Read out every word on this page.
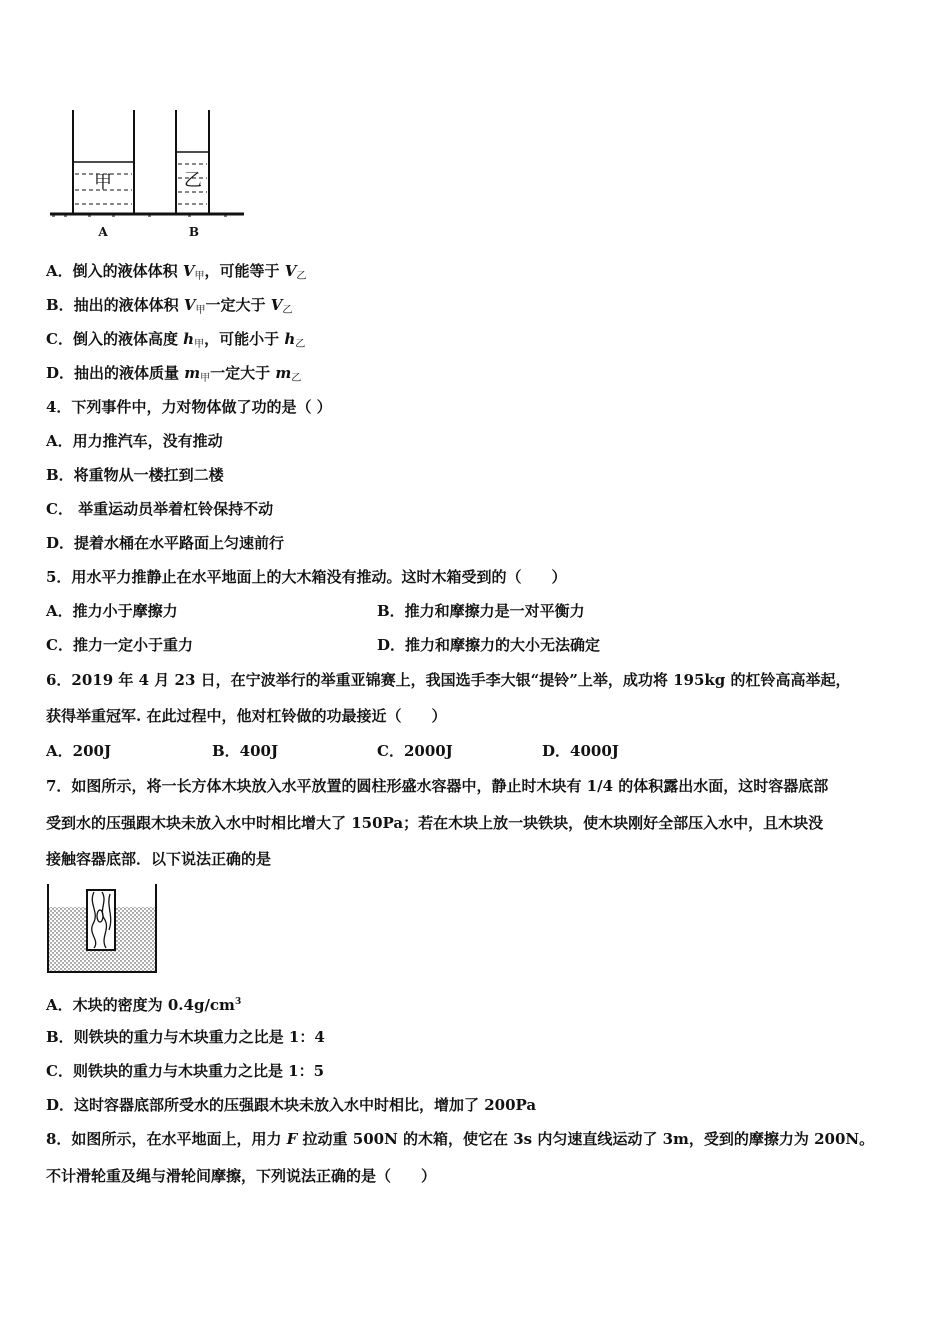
甲	乙
A	B
A．倒入的液体体积 $V_甲$，可能等于 $V_乙$
B．抽出的液体体积 $V_甲$一定大于 $V_乙$
C．倒入的液体高度 $h_甲$，可能小于 $h_乙$
D．抽出的液体质量 $m_甲$一定大于 $m_乙$
4．下列事件中，力对物体做了功的是（ ）
A．用力推汽车，没有推动
B．将重物从一楼扛到二楼
C． 举重运动员举着杠铃保持不动
D．提着水桶在水平路面上匀速前行
5．用水平力推静止在水平地面上的大木箱没有推动。这时木箱受到的（　　）
A．推力小于摩擦力	B．推力和摩擦力是一对平衡力
C．推力一定小于重力	D．推力和摩擦力的大小无法确定
6．2019 年 4 月 23 日，在宁波举行的举重亚锦赛上，我国选手李大银“提铃”上举，成功将 195kg 的杠铃高高举起，
获得举重冠军. 在此过程中，他对杠铃做的功最接近（　　）
A．200J	B．400J	C．2000J	D．4000J
7．如图所示，将一长方体木块放入水平放置的圆柱形盛水容器中，静止时木块有 1/4 的体积露出水面，这时容器底部
受到水的压强跟木块未放入水中时相比增大了 150Pa；若在木块上放一块铁块，使木块刚好全部压入水中，且木块没
接触容器底部．以下说法正确的是
A．木块的密度为 $0.4g/cm^3$
B．则铁块的重力与木块重力之比是 1：4
C．则铁块的重力与木块重力之比是 1：5
D．这时容器底部所受水的压强跟木块未放入水中时相比，增加了 200Pa
8．如图所示，在水平地面上，用力 F 拉动重 500N 的木箱，使它在 3s 内匀速直线运动了 3m，受到的摩擦力为 200N。
不计滑轮重及绳与滑轮间摩擦，下列说法正确的是（　　）
